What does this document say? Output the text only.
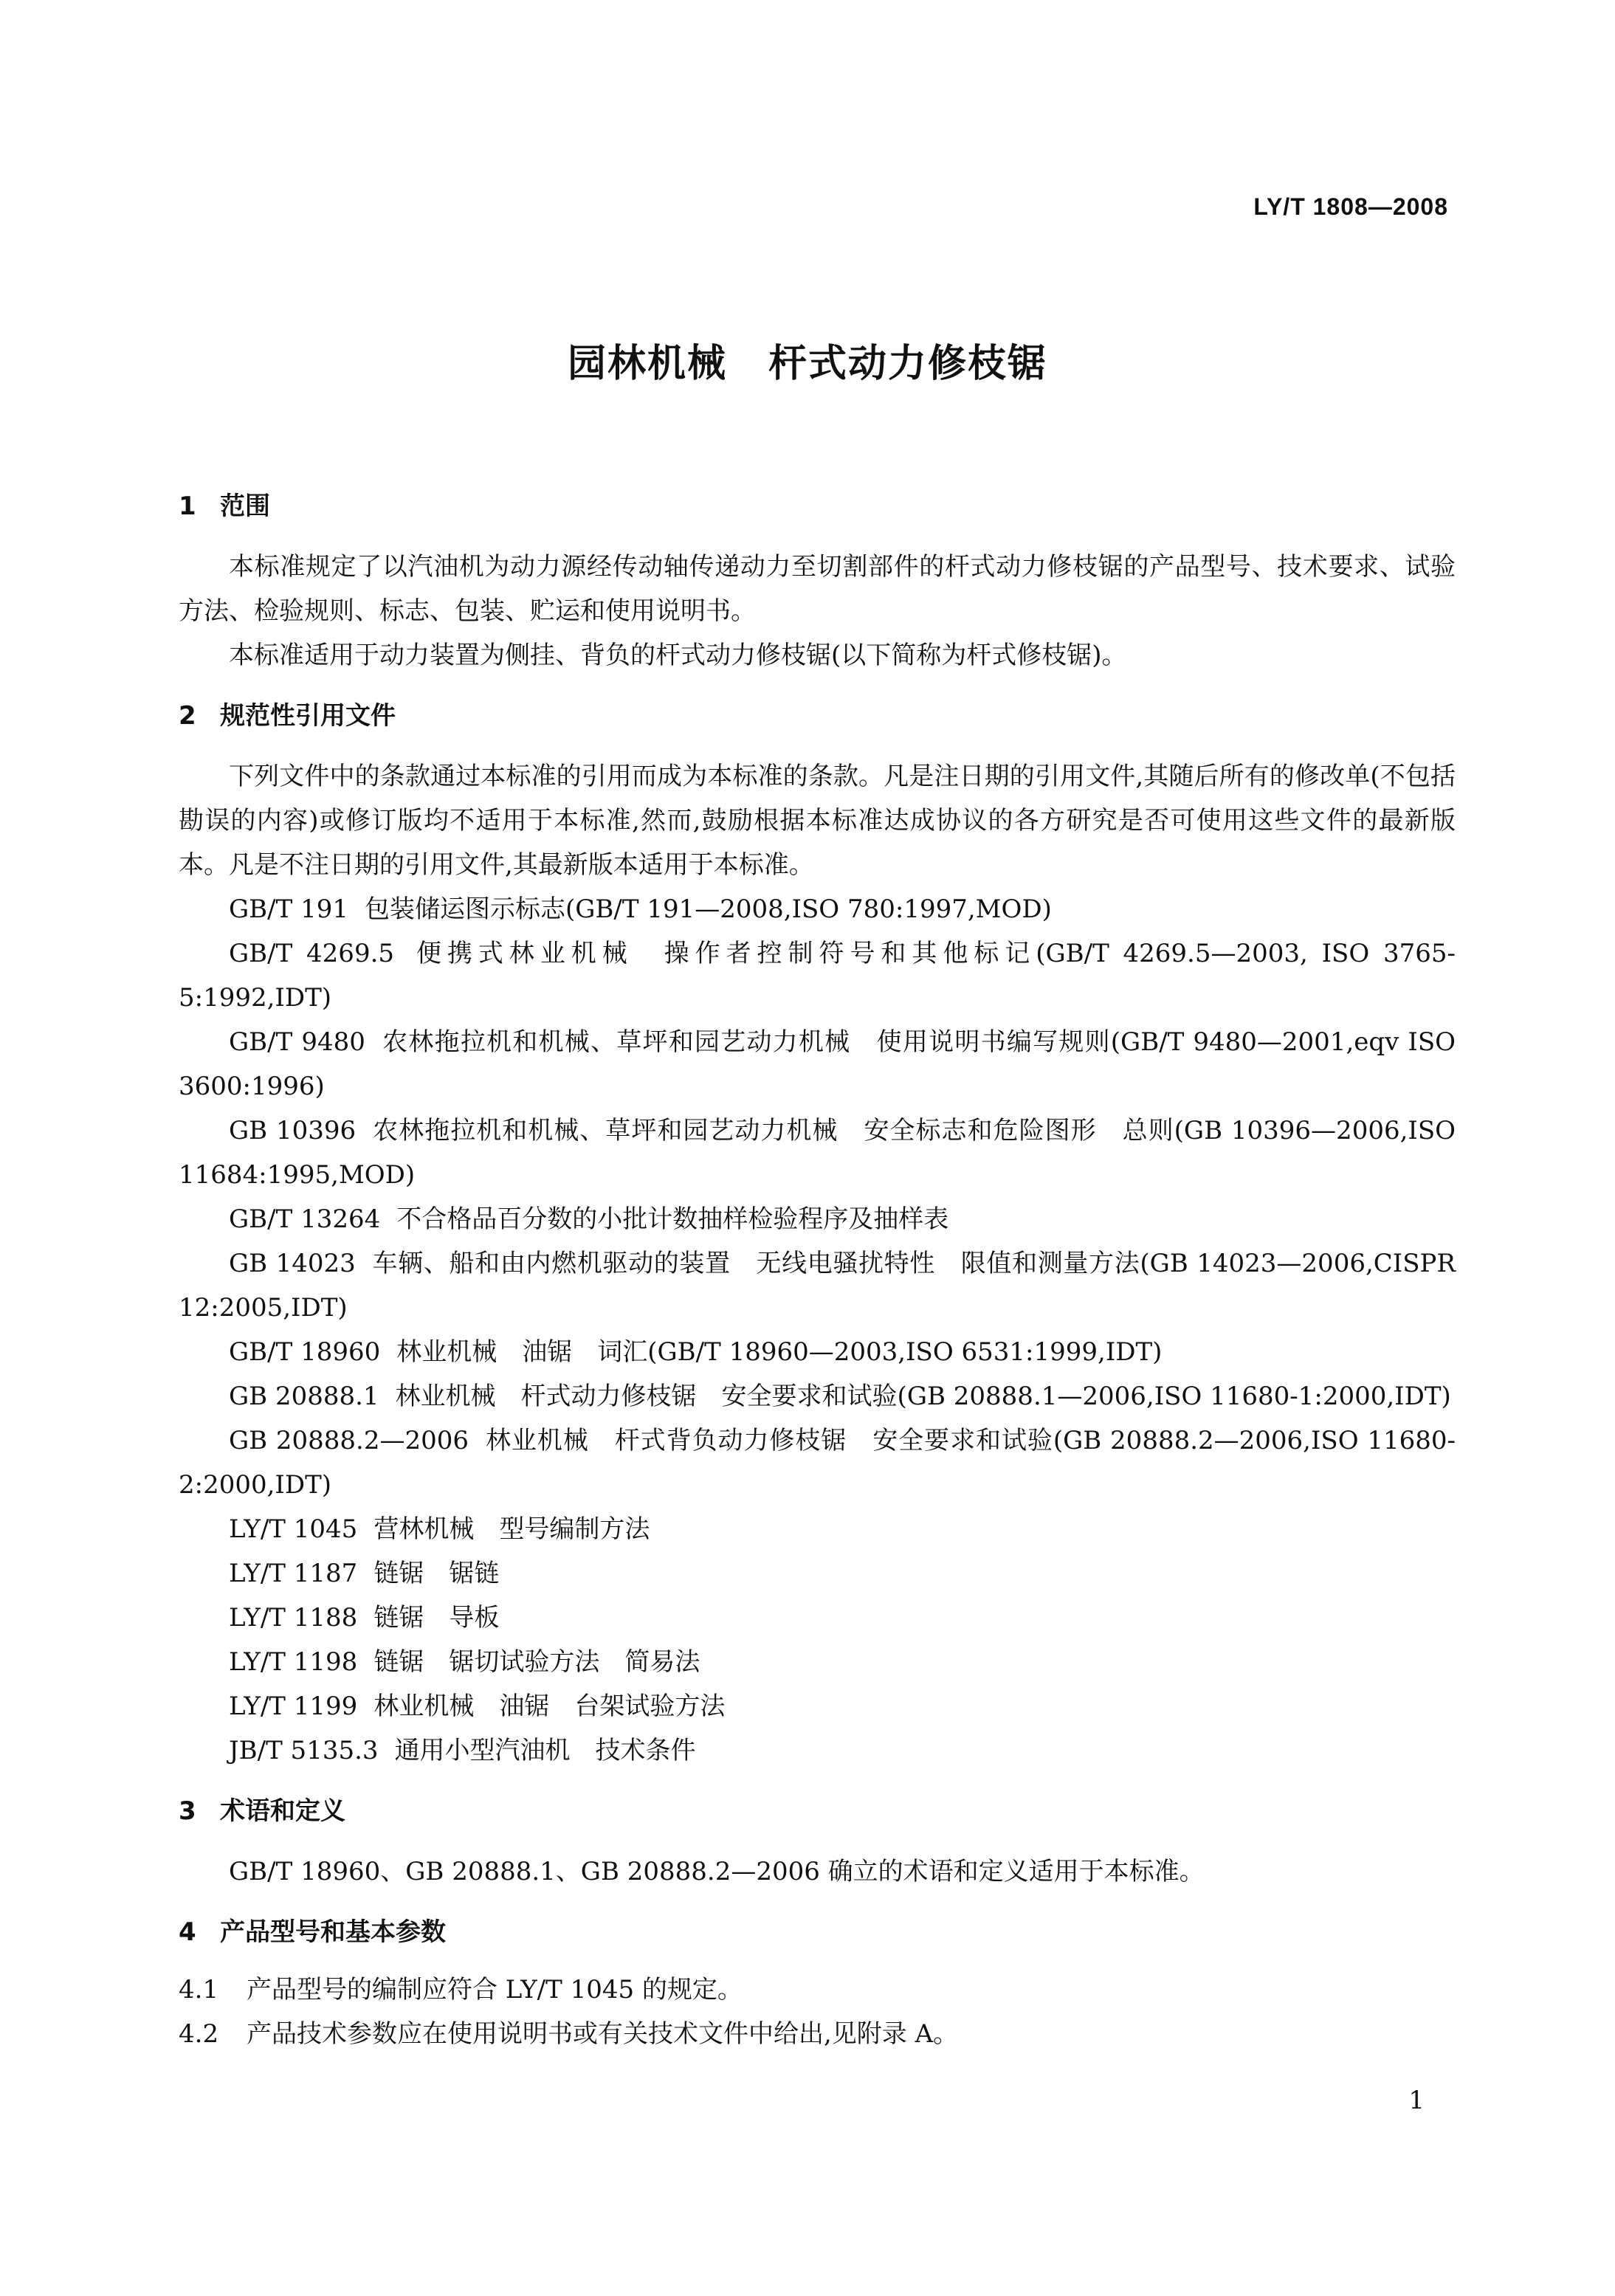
LY/T 1808—2008
园林机械 杆式动力修枝锯
1 范围

本标准规定了以汽油机为动力源经传动轴传递动力至切割部件的杆式动力修枝锯的产品型号、技术要求、试验方法、检验规则、标志、包装、贮运和使用说明书。

本标准适用于动力装置为侧挂、背负的杆式动力修枝锯(以下简称为杆式修枝锯)。

2 规范性引用文件

下列文件中的条款通过本标准的引用而成为本标准的条款。凡是注日期的引用文件,其随后所有的修改单(不包括勘误的内容)或修订版均不适用于本标准,然而,鼓励根据本标准达成协议的各方研究是否可使用这些文件的最新版本。凡是不注日期的引用文件,其最新版本适用于本标准。

GB/T 191 包装储运图示标志(GB/T 191—2008,ISO 780:1997,MOD)

GB/T 4269.5 便携式林业机械　操作者控制符号和其他标记(GB/T 4269.5—2003, ISO 3765-5:1992,IDT)

GB/T 9480 农林拖拉机和机械、草坪和园艺动力机械　使用说明书编写规则(GB/T 9480—2001,eqv ISO 3600:1996)

GB 10396 农林拖拉机和机械、草坪和园艺动力机械　安全标志和危险图形　总则(GB 10396—2006,ISO 11684:1995,MOD)

GB/T 13264 不合格品百分数的小批计数抽样检验程序及抽样表

GB 14023 车辆、船和由内燃机驱动的装置　无线电骚扰特性　限值和测量方法(GB 14023—2006,CISPR 12:2005,IDT)

GB/T 18960 林业机械　油锯　词汇(GB/T 18960—2003,ISO 6531:1999,IDT)

GB 20888.1 林业机械　杆式动力修枝锯　安全要求和试验(GB 20888.1—2006,ISO 11680-1:2000,IDT)

GB 20888.2—2006 林业机械　杆式背负动力修枝锯　安全要求和试验(GB 20888.2—2006,ISO 11680-2:2000,IDT)

LY/T 1045 营林机械　型号编制方法

LY/T 1187 链锯　锯链

LY/T 1188 链锯　导板

LY/T 1198 链锯　锯切试验方法　简易法

LY/T 1199 林业机械　油锯　台架试验方法

JB/T 5135.3 通用小型汽油机　技术条件

3 术语和定义

GB/T 18960、GB 20888.1、GB 20888.2—2006 确立的术语和定义适用于本标准。

4 产品型号和基本参数

4.1 产品型号的编制应符合 LY/T 1045 的规定。

4.2 产品技术参数应在使用说明书或有关技术文件中给出,见附录 A。

1
